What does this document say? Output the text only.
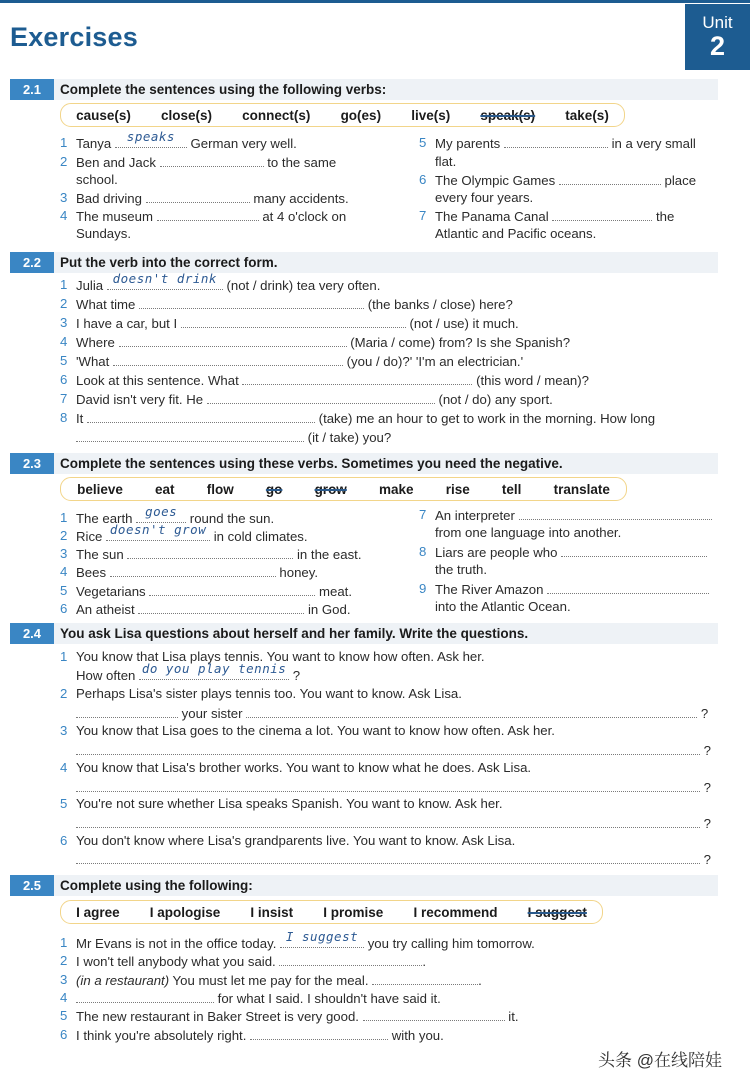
Exercises	Unit
2
2.1	Complete the sentences using the following verbs:
cause(s) close(s) connect(s) go(es) live(s) speak(s) take(s)
1 Tanya	speaks	German very well.
2 Ben and Jack	to the same
school.
3 Bad driving	many accidents.
4 The museum	at 4 o'clock on
Sundays.
5 My parents	in a very small
flat.
6 The Olympic Games	place
every four years.
7 The Panama Canal	the
Atlantic and Pacific oceans.
2.2	Put the verb into the correct form.
1 Julia doesn't drink (not / drink) tea very often.
2 What time	(the banks / close) here?
3 I have a car, but I	(not / use) it much.
4 Where	(Maria / come) from? Is she Spanish?
5 'What	(you / do)?' 'I'm an electrician.'
6 Look at this sentence. What	(this word / mean)?
7 David isn't very fit. He	(not / do) any sport.
8 It	(take) me an hour to get to work in the morning. How long
(it / take) you?
2.3	Complete the sentences using these verbs. Sometimes you need the negative.
believe eat flow go grow make rise tell translate
1 The earth	goes round the sun.
2 Rice doesn't grow in cold climates.
3 The sun	in the east.
4 Bees	honey.
5 Vegetarians	meat.
6 An atheist	in God.
7 An interpreter
from one language into another.
8 Liars are people who
the truth.
9 The River Amazon
into the Atlantic Ocean.
2.4	You ask Lisa questions about herself and her family. Write the questions.
1 You know that Lisa plays tennis. You want to know how often. Ask her.
How often do you play tennis ?
2 Perhaps Lisa's sister plays tennis too. You want to know. Ask Lisa.
your sister	?
3 You know that Lisa goes to the cinema a lot. You want to know how often. Ask her.
?
4 You know that Lisa's brother works. You want to know what he does. Ask Lisa.
?
5 You're not sure whether Lisa speaks Spanish. You want to know. Ask her.
?
6 You don't know where Lisa's grandparents live. You want to know. Ask Lisa.
?
2.5	Complete using the following:
I agree I apologise I insist I promise I recommend I suggest
1 Mr Evans is not in the office today. I suggest you try calling him tomorrow.
2 I won't tell anybody what you said.	.
3 (in a restaurant) You must let me pay for the meal.	.
4	for what I said. I shouldn't have said it.
5 The new restaurant in Baker Street is very good.	it.
6 I think you're absolutely right.	with you.
头条 @在线陪娃
